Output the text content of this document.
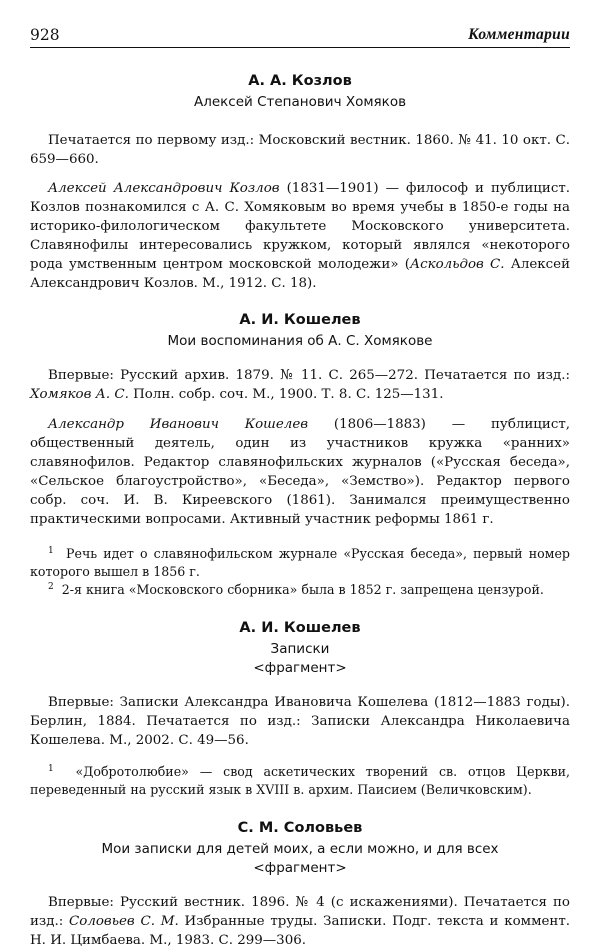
928	Комментарии
А. А. Козлов
Алексей Степанович Хомяков

Печатается по первому изд.: Московский вестник. 1860. № 41. 10 окт. С. 659—660.

Алексей Александрович Козлов (1831—1901) — философ и публицист. Козлов познакомился с А. С. Хомяковым во время учебы в 1850-е годы на историко-филологическом факультете Московского университета. Славянофилы интересовались кружком, который являлся «некоторого рода умственным центром московской молодежи» (Аскольдов С. Алексей Александрович Козлов. М., 1912. С. 18).

А. И. Кошелев
Мои воспоминания об А. С. Хомякове

Впервые: Русский архив. 1879. № 11. С. 265—272. Печатается по изд.: Хомяков А. С. Полн. собр. соч. М., 1900. Т. 8. С. 125—131.

Александр Иванович Кошелев (1806—1883) — публицист, общественный деятель, один из участников кружка «ранних» славянофилов. Редактор славянофильских журналов («Русская беседа», «Сельское благоустройство», «Беседа», «Земство»). Редактор первого собр. соч. И. В. Киреевского (1861). Занимался преимущественно практическими вопросами. Активный участник реформы 1861 г.

$^1$ Речь идет о славянофильском журнале «Русская беседа», первый номер которого вышел в 1856 г.

$^2$ 2-я книга «Московского сборника» была в 1852 г. запрещена цензурой.

А. И. Кошелев
Записки
<фрагмент>

Впервые: Записки Александра Ивановича Кошелева (1812—1883 годы). Берлин, 1884. Печатается по изд.: Записки Александра Николаевича Кошелева. М., 2002. С. 49—56.

$^1$ «Добротолюбие» — свод аскетических творений св. отцов Церкви, переведенный на русский язык в XVIII в. архим. Паисием (Величковским).

С. М. Соловьев
Мои записки для детей моих, а если можно, и для всех
<фрагмент>

Впервые: Русский вестник. 1896. № 4 (с искажениями). Печатается по изд.: Соловьев С. М. Избранные труды. Записки. Подг. текста и коммент. Н. И. Цимбаева. М., 1983. С. 299—306.
